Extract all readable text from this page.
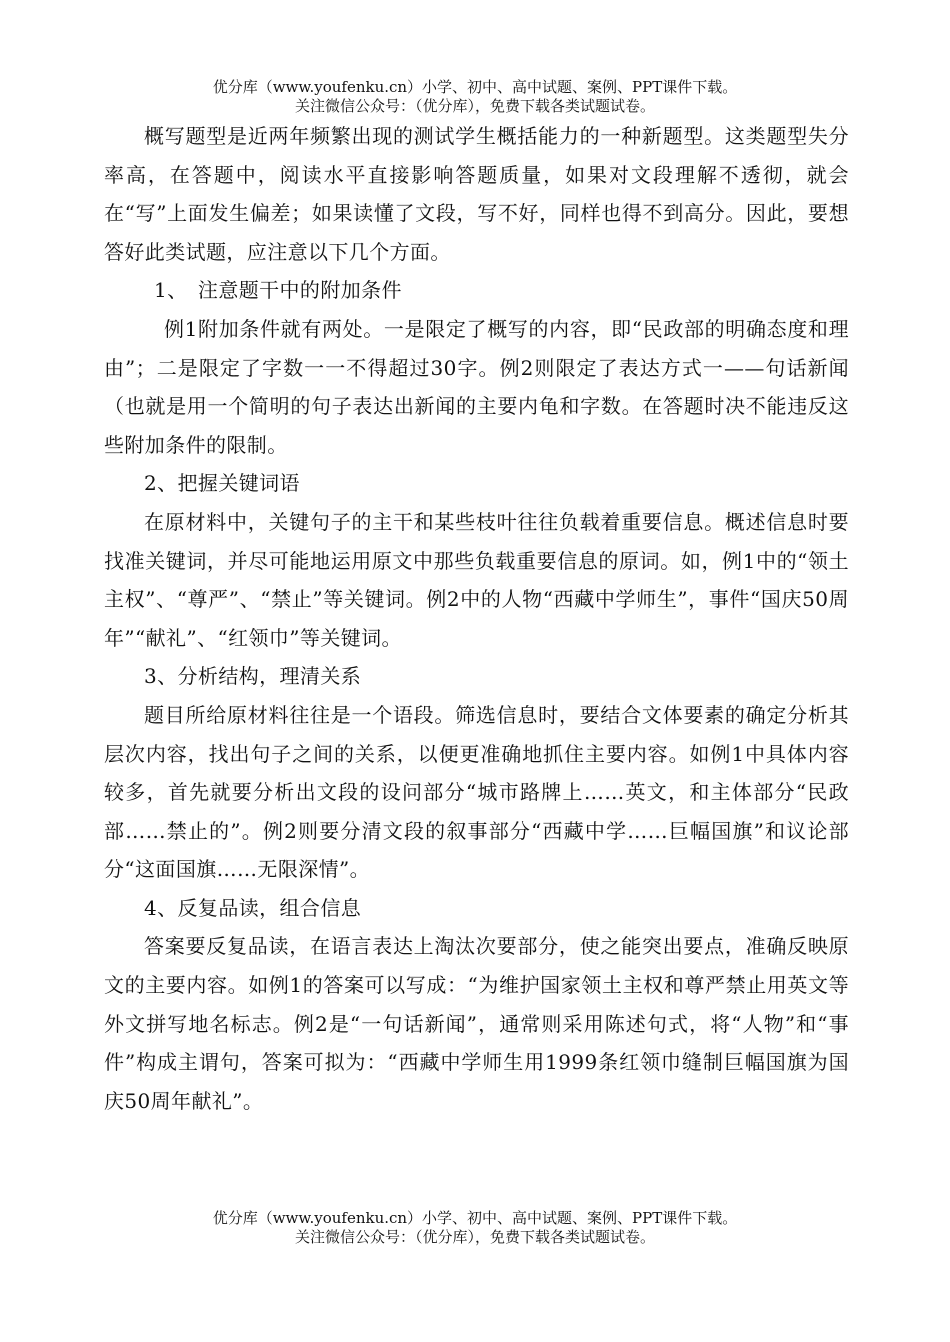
优分库（www.youfenku.cn）小学、初中、高中试题、案例、PPT课件下载。
关注微信公众号：（优分库），免费下载各类试题试卷。

概写题型是近两年频繁出现的测试学生概括能力的一种新题型。这类题型失分率高，在答题中，阅读水平直接影响答题质量，如果对文段理解不透彻，就会在“写”上面发生偏差；如果读懂了文段，写不好，同样也得不到高分。因此，要想答好此类试题，应注意以下几个方面。

1、　注意题干中的附加条件

例1附加条件就有两处。一是限定了概写的内容，即“民政部的明确态度和理由”；二是限定了字数一一不得超过30字。例2则限定了表达方式一——句话新闻（也就是用一个简明的句子表达出新闻的主要内龟和字数。在答题时决不能违反这些附加条件的限制。

2、把握关键词语

在原材料中，关键句子的主干和某些枝叶往往负载着重要信息。概述信息时要找准关键词，并尽可能地运用原文中那些负载重要信息的原词。如，例1中的“领土主权”、“尊严”、“禁止”等关键词。例2中的人物“西藏中学师生”，事件“国庆50周年”“献礼”、“红领巾”等关键词。

3、分析结构，理清关系

题目所给原材料往往是一个语段。筛选信息时，要结合文体要素的确定分析其层次内容，找出句子之间的关系，以便更准确地抓住主要内容。如例1中具体内容较多，首先就要分析出文段的设问部分“城市路牌上……英文，和主体部分“民政部……禁止的”。例2则要分清文段的叙事部分“西藏中学……巨幅国旗”和议论部分“这面国旗……无限深情”。

4、反复品读，组合信息

答案要反复品读，在语言表达上淘汰次要部分，使之能突出要点，准确反映原文的主要内容。如例1的答案可以写成：“为维护国家领土主权和尊严禁止用英文等外文拼写地名标志。例2是“一句话新闻”，通常则采用陈述句式，将“人物”和“事件”构成主谓句，答案可拟为：“西藏中学师生用1999条红领巾缝制巨幅国旗为国庆50周年献礼”。

优分库（www.youfenku.cn）小学、初中、高中试题、案例、PPT课件下载。
关注微信公众号：（优分库），免费下载各类试题试卷。
